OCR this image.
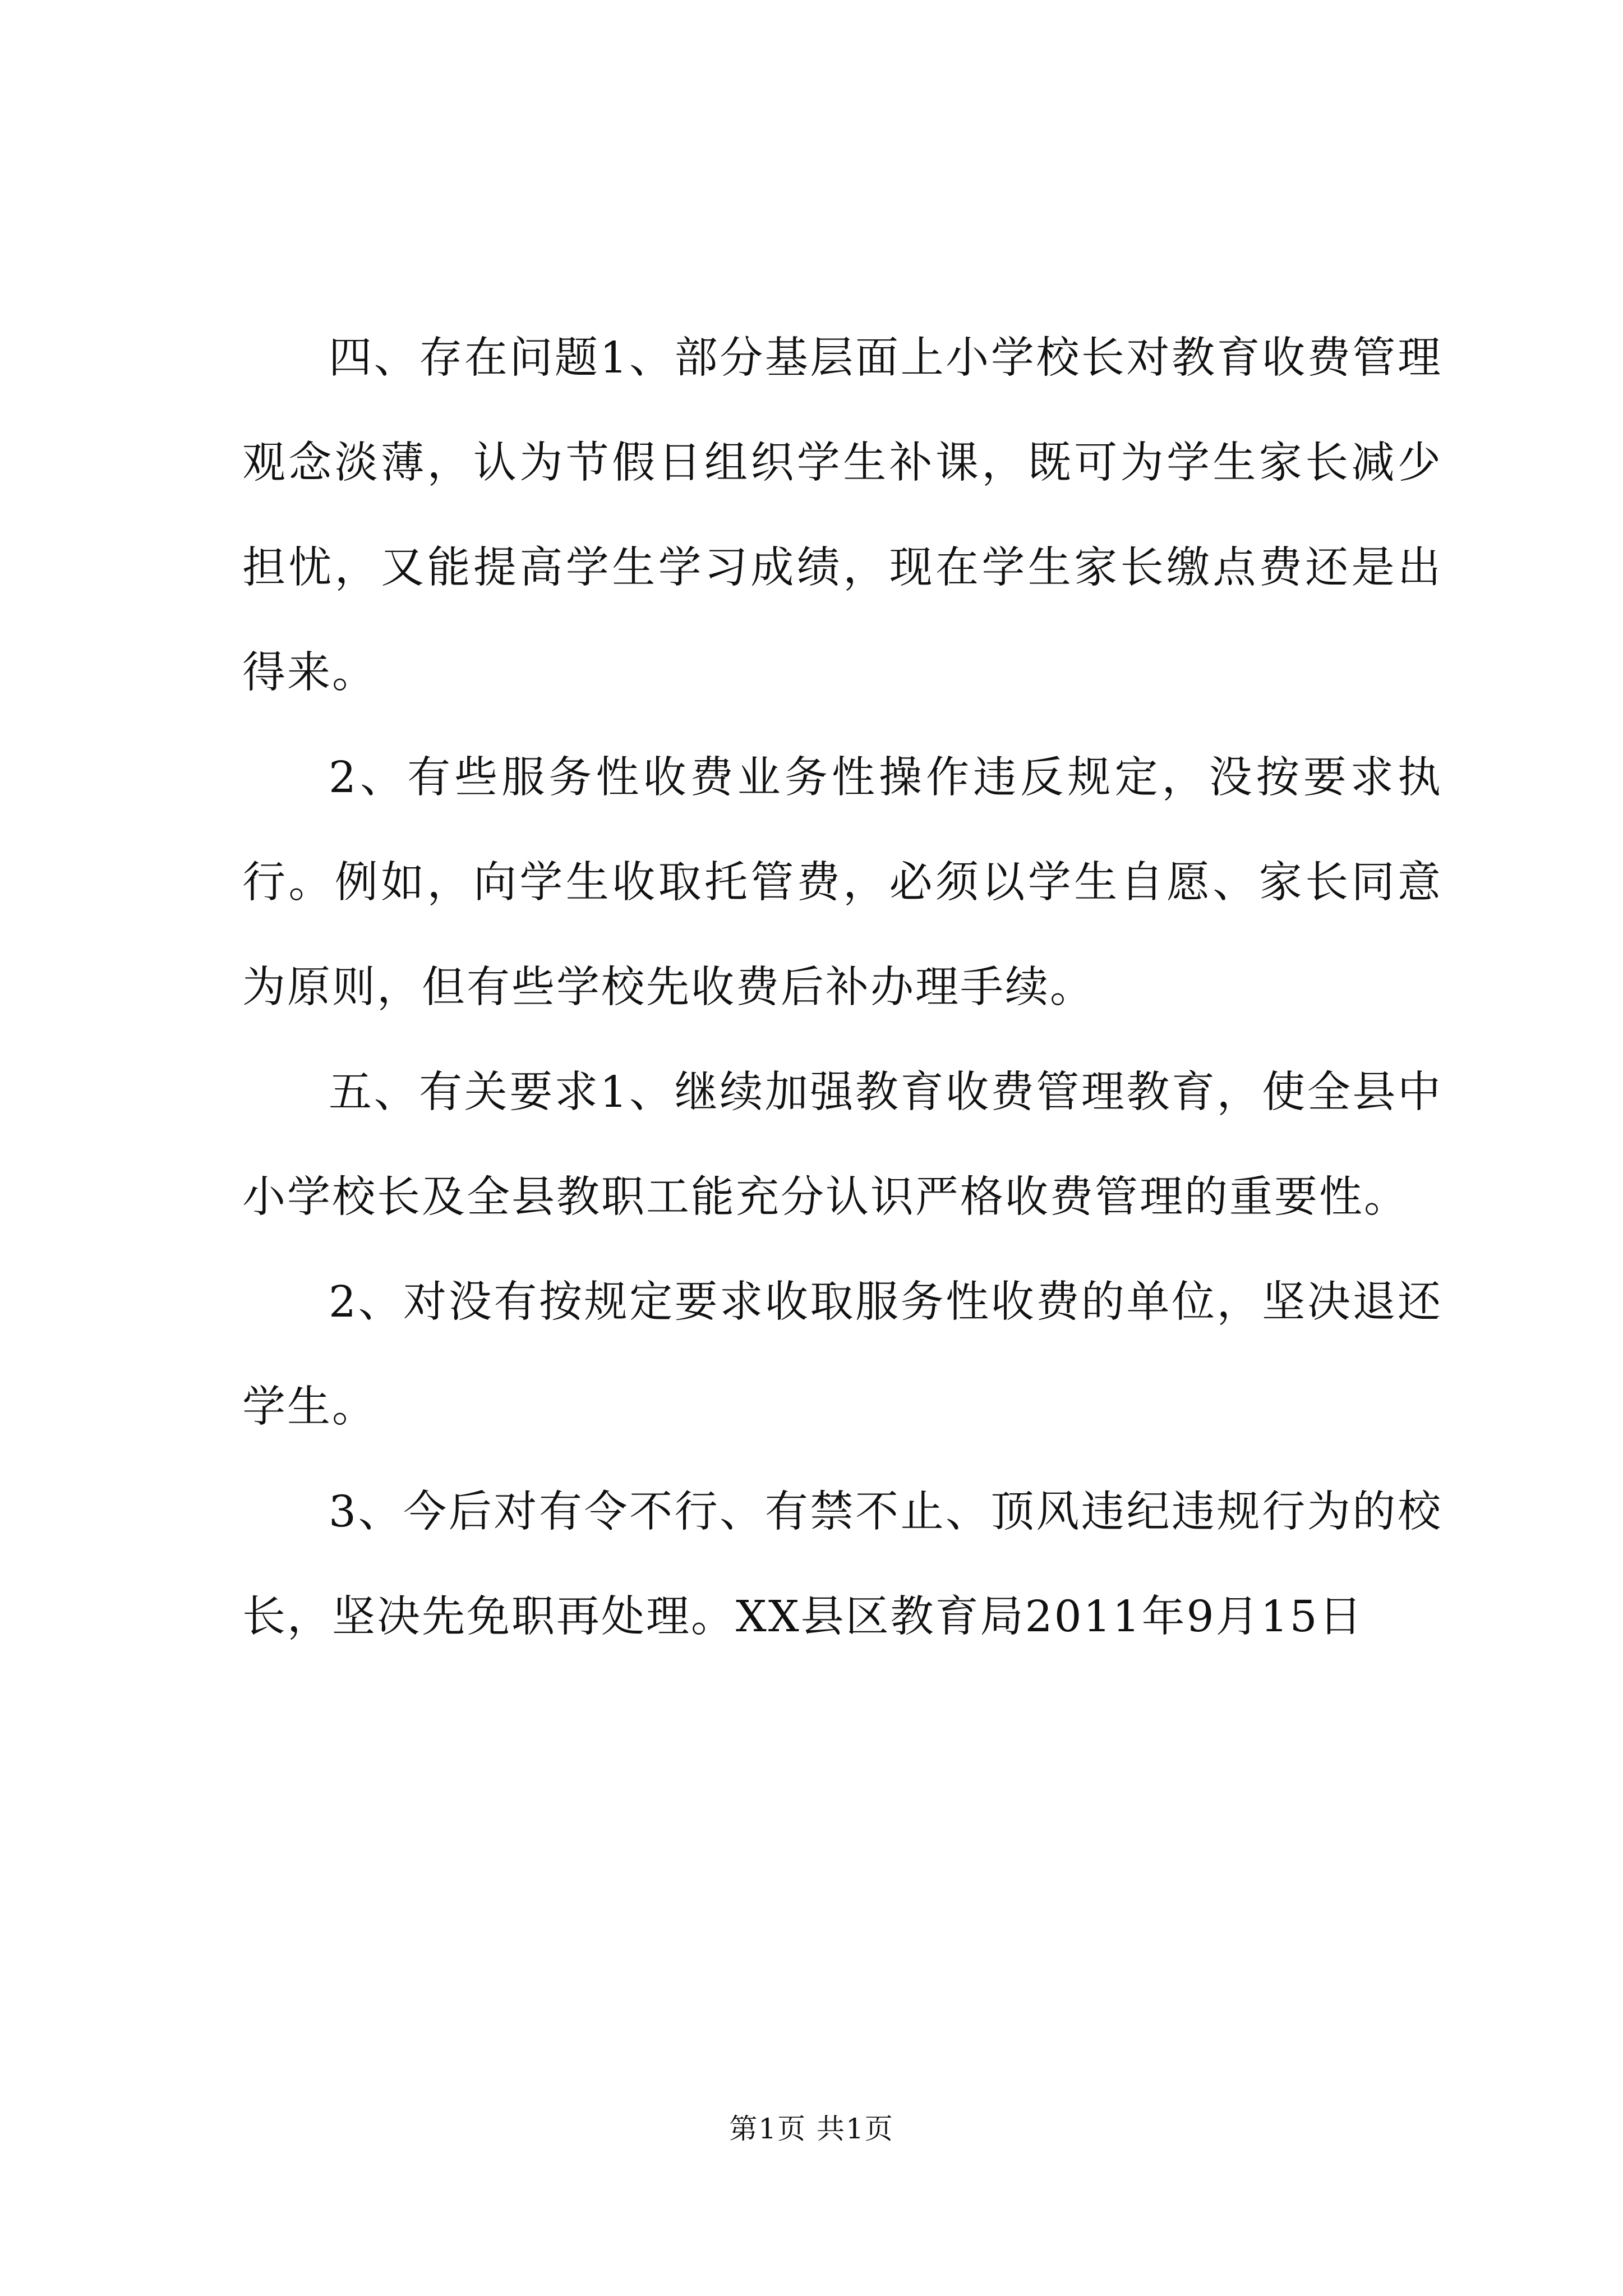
四、存在问题1、部分基层面上小学校长对教育收费管理观念淡薄，认为节假日组织学生补课，既可为学生家长减少担忧，又能提高学生学习成绩，现在学生家长缴点费还是出得来。

2、有些服务性收费业务性操作违反规定，没按要求执行。例如，向学生收取托管费，必须以学生自愿、家长同意为原则，但有些学校先收费后补办理手续。

五、有关要求1、继续加强教育收费管理教育，使全县中小学校长及全县教职工能充分认识严格收费管理的重要性。

2、对没有按规定要求收取服务性收费的单位，坚决退还学生。

3、今后对有令不行、有禁不止、顶风违纪违规行为的校长，坚决先免职再处理。XX县区教育局2011年9月15日

第1页 共1页
